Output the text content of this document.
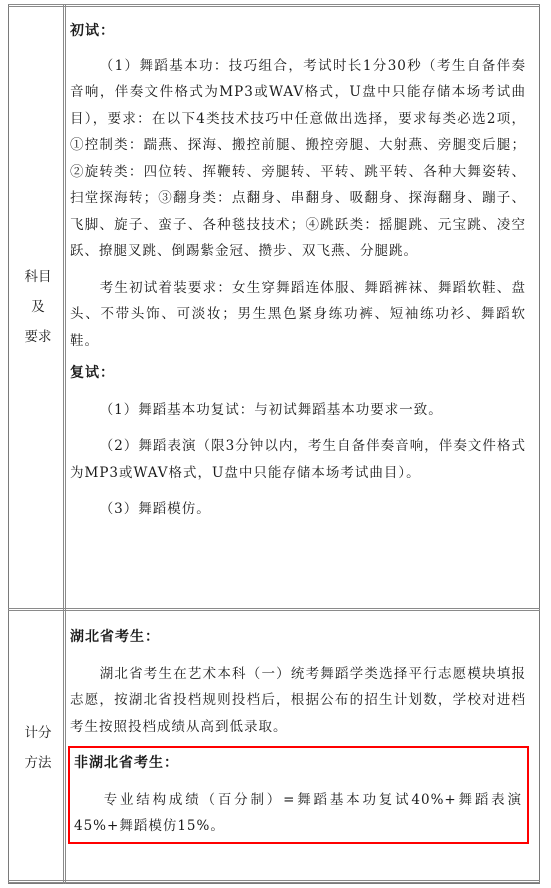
科目
及
要求
计分
方法

初试：

（1）舞蹈基本功：技巧组合，考试时长1分30秒（考生自备伴奏音响，伴奏文件格式为MP3或WAV格式，U盘中只能存储本场考试曲目），要求：在以下4类技术技巧中任意做出选择，要求每类必选2项，①控制类：踹燕、探海、搬控前腿、搬控旁腿、大射燕、旁腿变后腿；②旋转类：四位转、挥鞭转、旁腿转、平转、跳平转、各种大舞姿转、扫堂探海转；③翻身类：点翻身、串翻身、吸翻身、探海翻身、蹦子、飞脚、旋子、蛮子、各种毯技技术；④跳跃类：摇腿跳、元宝跳、凌空跃、撩腿叉跳、倒踢紫金冠、攒步、双飞燕、分腿跳。

考生初试着装要求：女生穿舞蹈连体服、舞蹈裤袜、舞蹈软鞋、盘头、不带头饰、可淡妆；男生黑色紧身练功裤、短袖练功衫、舞蹈软鞋。

复试：

（1）舞蹈基本功复试：与初试舞蹈基本功要求一致。

（2）舞蹈表演（限3分钟以内，考生自备伴奏音响，伴奏文件格式为MP3或WAV格式，U盘中只能存储本场考试曲目）。

（3）舞蹈模仿。

湖北省考生：

湖北省考生在艺术本科（一）统考舞蹈学类选择平行志愿模块填报志愿，按湖北省投档规则投档后，根据公布的招生计划数，学校对进档考生按照投档成绩从高到低录取。

非湖北省考生：

专业结构成绩（百分制）=舞蹈基本功复试40%+舞蹈表演45%+舞蹈模仿15%。
